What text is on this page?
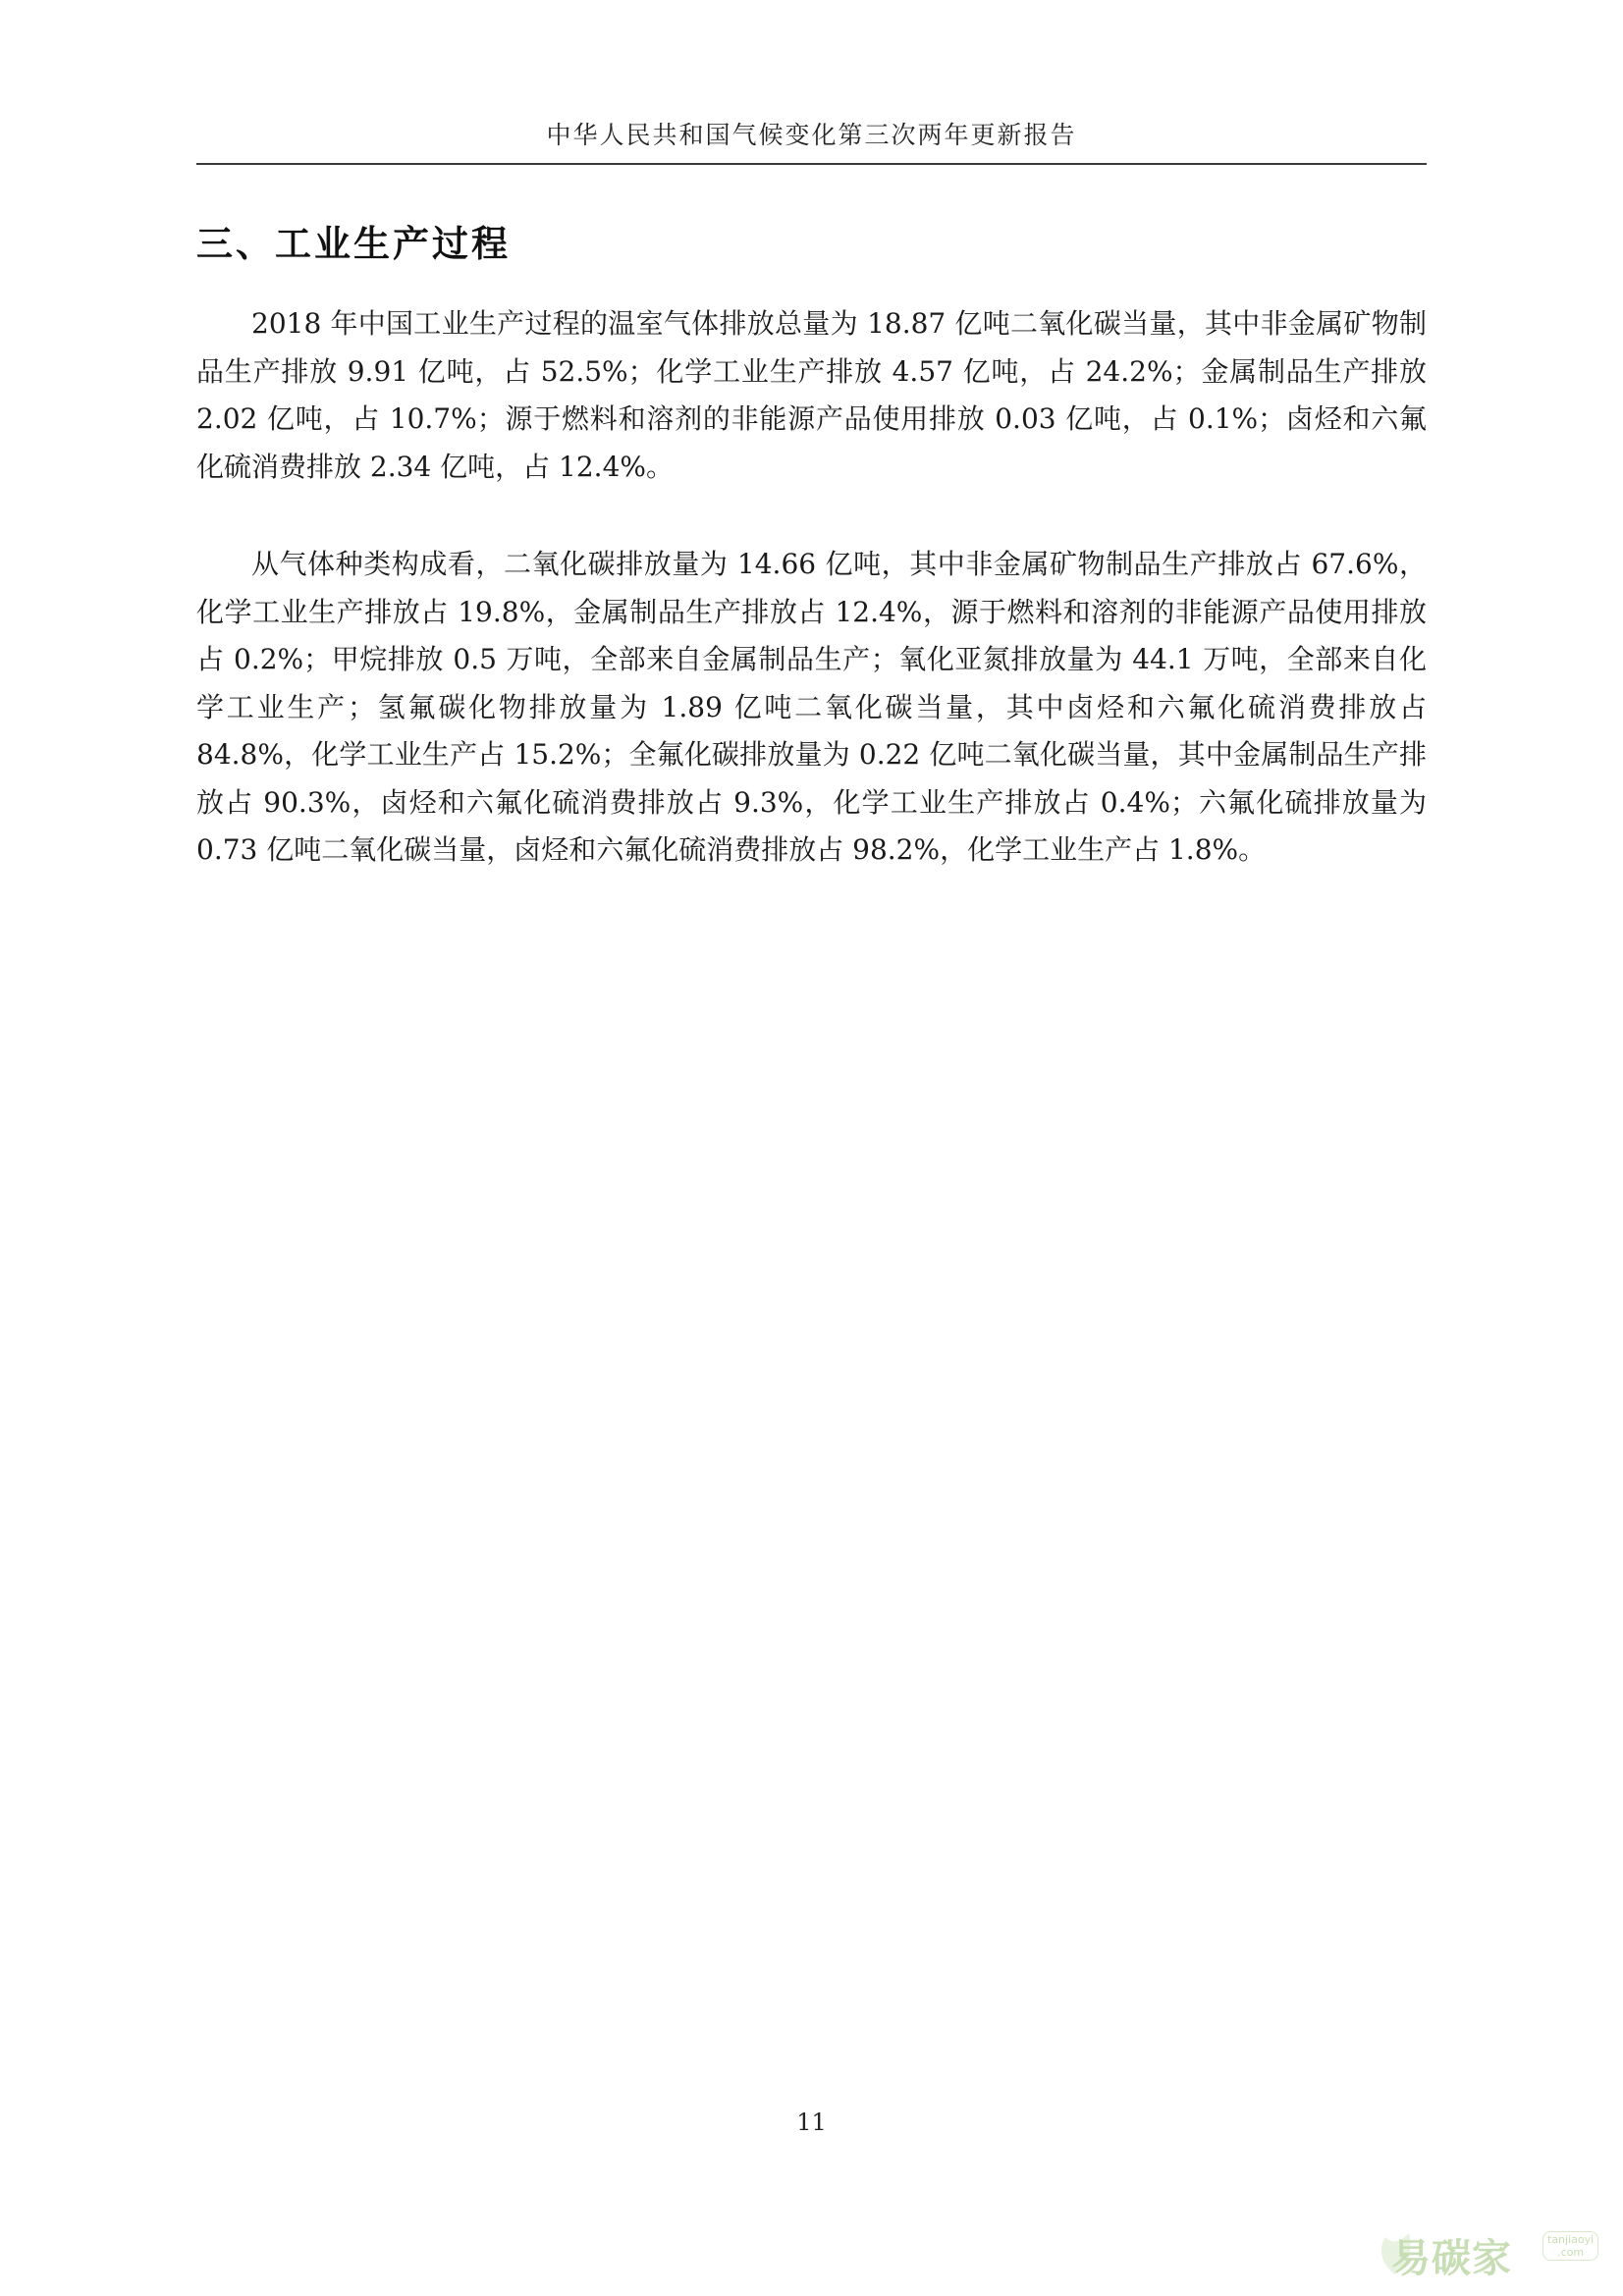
中华人民共和国气候变化第三次两年更新报告
三、工业生产过程

2018 年中国工业生产过程的温室气体排放总量为 18.87 亿吨二氧化碳当量，其中非金属矿物制品生产排放 9.91 亿吨，占 52.5%；化学工业生产排放 4.57 亿吨，占 24.2%；金属制品生产排放 2.02 亿吨，占 10.7%；源于燃料和溶剂的非能源产品使用排放 0.03 亿吨，占 0.1%；卤烃和六氟化硫消费排放 2.34 亿吨，占 12.4%。

从气体种类构成看，二氧化碳排放量为 14.66 亿吨，其中非金属矿物制品生产排放占 67.6%，化学工业生产排放占 19.8%，金属制品生产排放占 12.4%，源于燃料和溶剂的非能源产品使用排放占 0.2%；甲烷排放 0.5 万吨，全部来自金属制品生产；氧化亚氮排放量为 44.1 万吨，全部来自化学工业生产；氢氟碳化物排放量为 1.89 亿吨二氧化碳当量，其中卤烃和六氟化硫消费排放占 84.8%，化学工业生产占 15.2%；全氟化碳排放量为 0.22 亿吨二氧化碳当量，其中金属制品生产排放占 90.3%，卤烃和六氟化硫消费排放占 9.3%，化学工业生产排放占 0.4%；六氟化硫排放量为 0.73 亿吨二氧化碳当量，卤烃和六氟化硫消费排放占 98.2%，化学工业生产占 1.8%。

11
易碳家	tanjiaoyi
.com
